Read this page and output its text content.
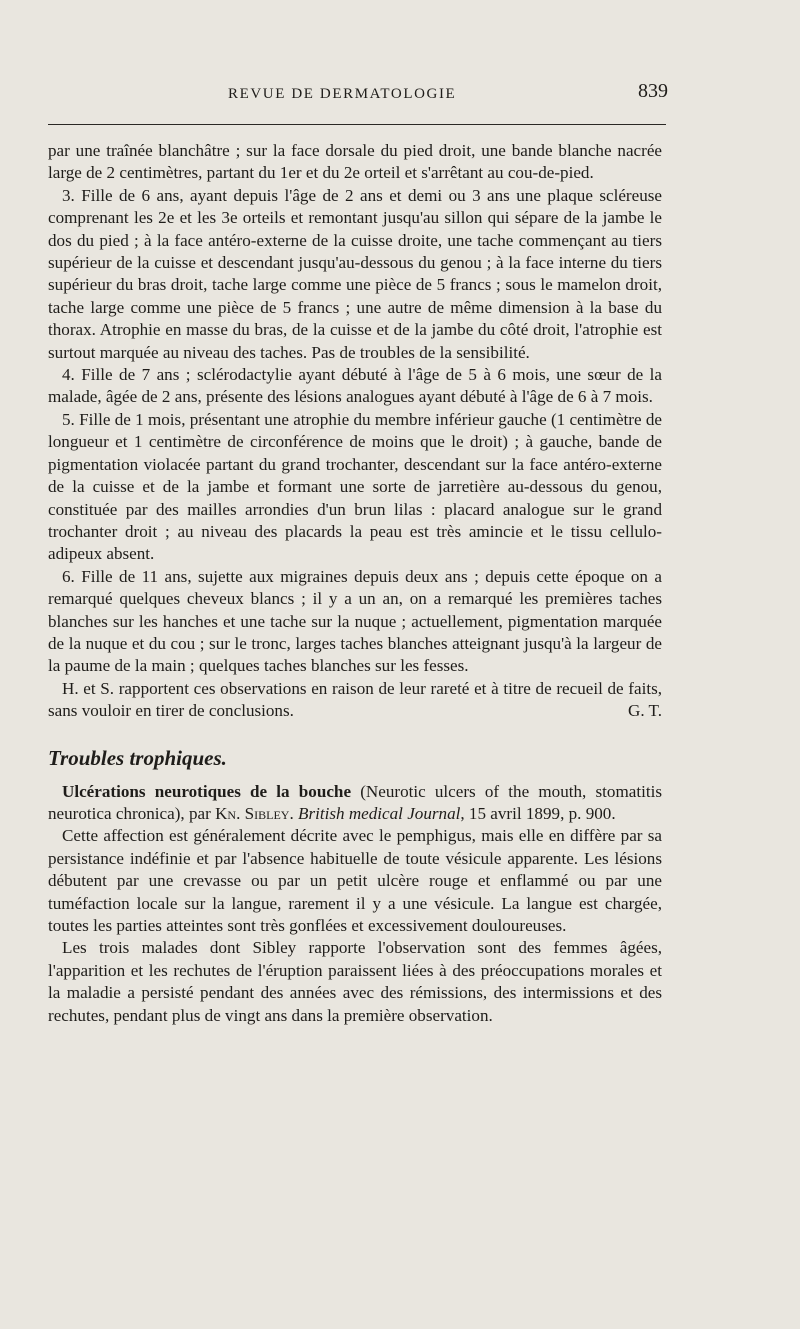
REVUE DE DERMATOLOGIE	839

par une traînée blanchâtre ; sur la face dorsale du pied droit, une bande blanche nacrée large de 2 centimètres, partant du 1er et du 2e orteil et s'arrêtant au cou-de-pied.

3. Fille de 6 ans, ayant depuis l'âge de 2 ans et demi ou 3 ans une plaque scléreuse comprenant les 2e et les 3e orteils et remontant jusqu'au sillon qui sépare de la jambe le dos du pied ; à la face antéro-externe de la cuisse droite, une tache commençant au tiers supérieur de la cuisse et descendant jusqu'au-dessous du genou ; à la face interne du tiers supérieur du bras droit, tache large comme une pièce de 5 francs ; sous le mamelon droit, tache large comme une pièce de 5 francs ; une autre de même dimension à la base du thorax. Atrophie en masse du bras, de la cuisse et de la jambe du côté droit, l'atrophie est surtout marquée au niveau des taches. Pas de troubles de la sensibilité.

4. Fille de 7 ans ; sclérodactylie ayant débuté à l'âge de 5 à 6 mois, une sœur de la malade, âgée de 2 ans, présente des lésions analogues ayant débuté à l'âge de 6 à 7 mois.

5. Fille de 1 mois, présentant une atrophie du membre inférieur gauche (1 centimètre de longueur et 1 centimètre de circonférence de moins que le droit) ; à gauche, bande de pigmentation violacée partant du grand trochanter, descendant sur la face antéro-externe de la cuisse et de la jambe et formant une sorte de jarretière au-dessous du genou, constituée par des mailles arrondies d'un brun lilas : placard analogue sur le grand trochanter droit ; au niveau des placards la peau est très amincie et le tissu cellulo-adipeux absent.

6. Fille de 11 ans, sujette aux migraines depuis deux ans ; depuis cette époque on a remarqué quelques cheveux blancs ; il y a un an, on a remarqué les premières taches blanches sur les hanches et une tache sur la nuque ; actuellement, pigmentation marquée de la nuque et du cou ; sur le tronc, larges taches blanches atteignant jusqu'à la largeur de la paume de la main ; quelques taches blanches sur les fesses.

H. et S. rapportent ces observations en raison de leur rareté et à titre de recueil de faits, sans vouloir en tirer de conclusions.	G. T.

Troubles trophiques.

Ulcérations neurotiques de la bouche (Neurotic ulcers of the mouth, stomatitis neurotica chronica), par Kn. Sibley. British medical Journal, 15 avril 1899, p. 900.

Cette affection est généralement décrite avec le pemphigus, mais elle en diffère par sa persistance indéfinie et par l'absence habituelle de toute vésicule apparente. Les lésions débutent par une crevasse ou par un petit ulcère rouge et enflammé ou par une tuméfaction locale sur la langue, rarement il y a une vésicule. La langue est chargée, toutes les parties atteintes sont très gonflées et excessivement douloureuses.

Les trois malades dont Sibley rapporte l'observation sont des femmes âgées, l'apparition et les rechutes de l'éruption paraissent liées à des préoccupations morales et la maladie a persisté pendant des années avec des rémissions, des intermissions et des rechutes, pendant plus de vingt ans dans la première observation.
